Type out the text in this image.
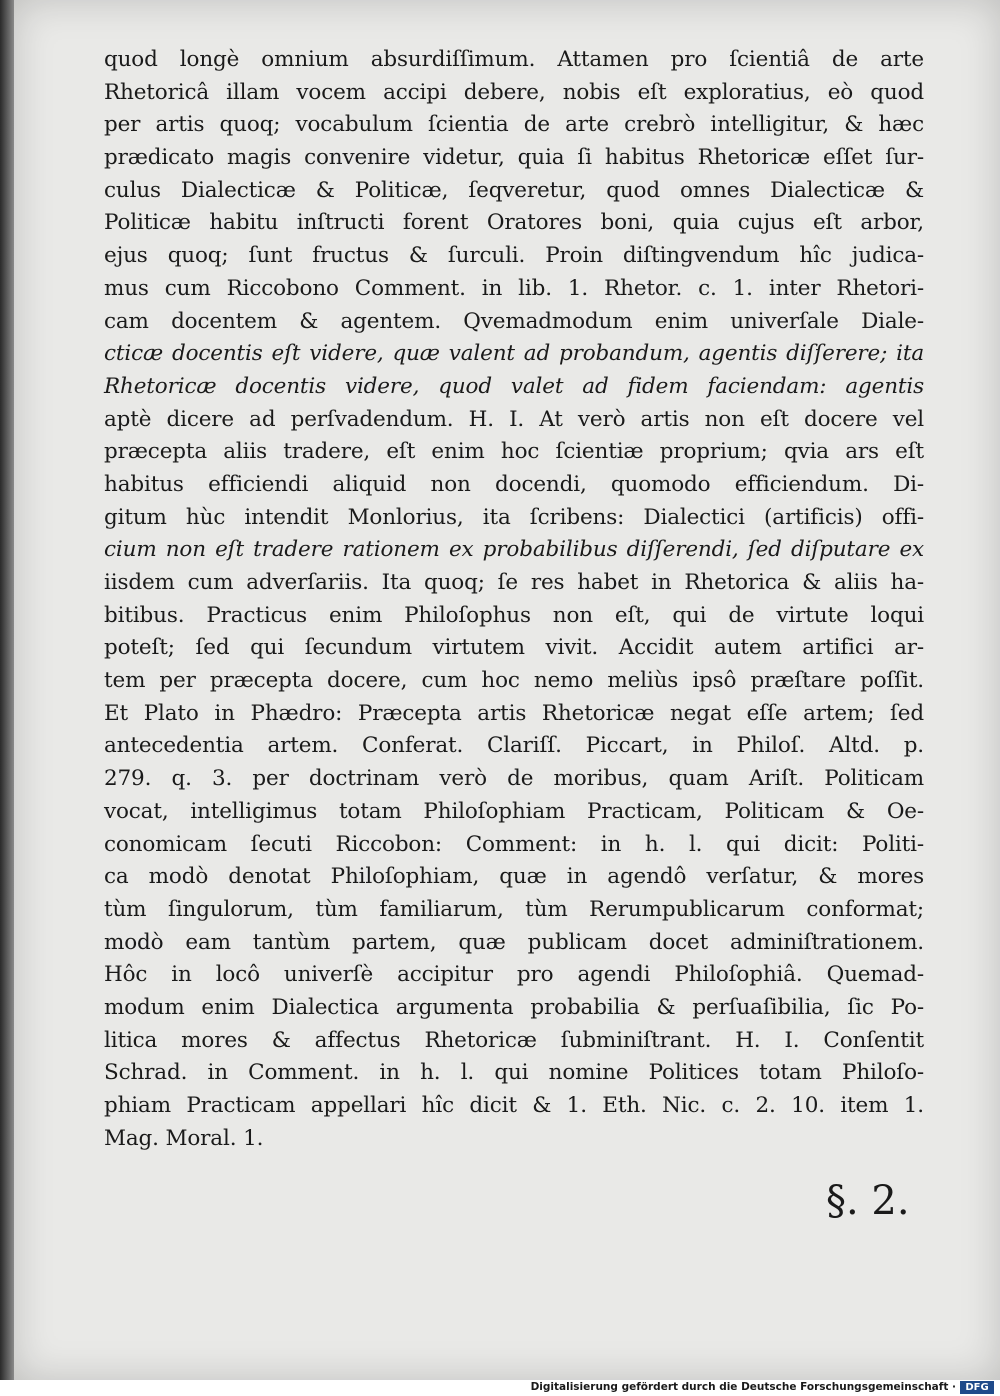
quod longè omnium absurdiſſimum. Attamen pro ſcientiâ de arte
Rhetoricâ illam vocem accipi debere, nobis eſt exploratius, eò quod
per artis quoq; vocabulum ſcientia de arte crebrò intelligitur, & hæc
prædicato magis convenire videtur, quia ſi habitus Rhetoricæ eſſet ſur-
culus Dialecticæ & Politicæ, ſeqveretur, quod omnes Dialecticæ &
Politicæ habitu inſtructi forent Oratores boni, quia cujus eſt arbor,
ejus quoq; ſunt fructus & ſurculi. Proin diſtingvendum hîc judica-
mus cum Riccobono Comment. in lib. 1. Rhetor. c. 1. inter Rhetori-
cam docentem & agentem. Qvemadmodum enim univerſale Diale-
cticæ docentis eſt videre, quæ valent ad probandum, agentis diſſerere; ita
Rhetoricæ docentis videre, quod valet ad fidem faciendam: agentis
aptè dicere ad perſvadendum. H. I. At verò artis non eſt docere vel
præcepta aliis tradere, eſt enim hoc ſcientiæ proprium; qvia ars eſt
habitus efficiendi aliquid non docendi, quomodo efficiendum. Di-
gitum hùc intendit Monlorius, ita ſcribens: Dialectici (artificis) offi-
cium non eſt tradere rationem ex probabilibus diſſerendi, ſed diſputare ex
iisdem cum adverſariis. Ita quoq; ſe res habet in Rhetorica & aliis ha-
bitibus. Practicus enim Philoſophus non eſt, qui de virtute loqui
poteſt; ſed qui ſecundum virtutem vivit. Accidit autem artifici ar-
tem per præcepta docere, cum hoc nemo meliùs ipsô præſtare poſſit.
Et Plato in Phædro: Præcepta artis Rhetoricæ negat eſſe artem; ſed
antecedentia artem. Conferat. Clariſſ. Piccart, in Philoſ. Altd. p.
279. q. 3. per doctrinam verò de moribus, quam Ariſt. Politicam
vocat, intelligimus totam Philoſophiam Practicam, Politicam & Oe-
conomicam ſecuti Riccobon: Comment: in h. l. qui dicit: Politi-
ca modò denotat Philoſophiam, quæ in agendô verſatur, & mores
tùm ſingulorum, tùm familiarum, tùm Rerumpublicarum conformat;
modò eam tantùm partem, quæ publicam docet adminiſtrationem.
Hôc in locô univerſè accipitur pro agendi Philoſophiâ. Quemad-
modum enim Dialectica argumenta probabilia & perſuaſibilia, ſic Po-
litica mores & affectus Rhetoricæ ſubminiſtrant. H. I. Conſentit
Schrad. in Comment. in h. l. qui nomine Politices totam Philoſo-
phiam Practicam appellari hîc dicit & 1. Eth. Nic. c. 2. 10. item 1.
Mag. Moral. 1.
§. 2.
Digitalisierung gefördert durch die Deutsche Forschungsgemeinschaft · DFG
